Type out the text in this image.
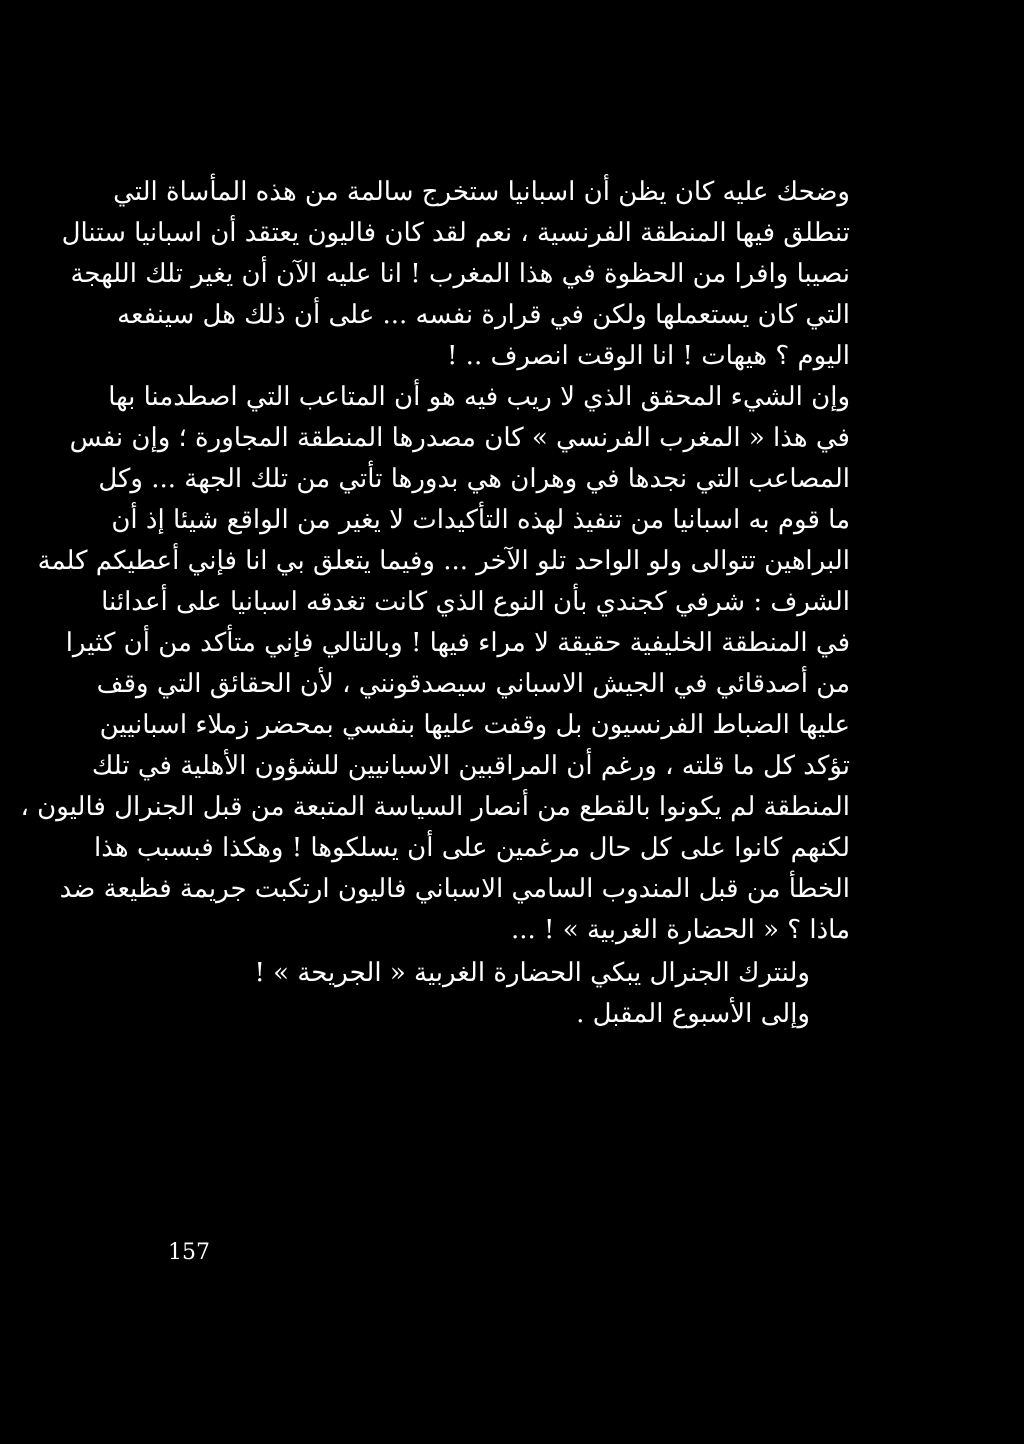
وضحك عليه كان يظن أن اسبانيا ستخرج سالمة من هذه المأساة التي
تنطلق فيها المنطقة الفرنسية ، نعم لقد كان فاليون يعتقد أن اسبانيا ستنال
نصيبا وافرا من الحظوة في هذا المغرب ! انا عليه الآن أن يغير تلك اللهجة
التي كان يستعملها ولكن في قرارة نفسه ... على أن ذلك هل سينفعه
اليوم ؟ هيهات ! انا الوقت انصرف .. !
وإن الشيء المحقق الذي لا ريب فيه هو أن المتاعب التي اصطدمنا بها
في هذا « المغرب الفرنسي » كان مصدرها المنطقة المجاورة ؛ وإن نفس
المصاعب التي نجدها في وهران هي بدورها تأتي من تلك الجهة ... وكل
ما قوم به اسبانيا من تنفيذ لهذه التأكيدات لا يغير من الواقع شيئا إذ أن
البراهين تتوالى ولو الواحد تلو الآخر ... وفيما يتعلق بي انا فإني أعطيكم كلمة
الشرف : شرفي كجندي بأن النوع الذي كانت تغدقه اسبانيا على أعدائنا
في المنطقة الخليفية حقيقة لا مراء فيها ! وبالتالي فإني متأكد من أن كثيرا
من أصدقائي في الجيش الاسباني سيصدقونني ، لأن الحقائق التي وقف
عليها الضباط الفرنسيون بل وقفت عليها بنفسي بمحضر زملاء اسبانيين
تؤكد كل ما قلته ، ورغم أن المراقبين الاسبانيين للشؤون الأهلية في تلك
المنطقة لم يكونوا بالقطع من أنصار السياسة المتبعة من قبل الجنرال فاليون ،
لكنهم كانوا على كل حال مرغمين على أن يسلكوها ! وهكذا فبسبب هذا
الخطأ من قبل المندوب السامي الاسباني فاليون ارتكبت جريمة فظيعة ضد
ماذا ؟ « الحضارة الغربية » ! ...
ولنترك الجنرال يبكي الحضارة الغربية « الجريحة » !
وإلى الأسبوع المقبل .
157
